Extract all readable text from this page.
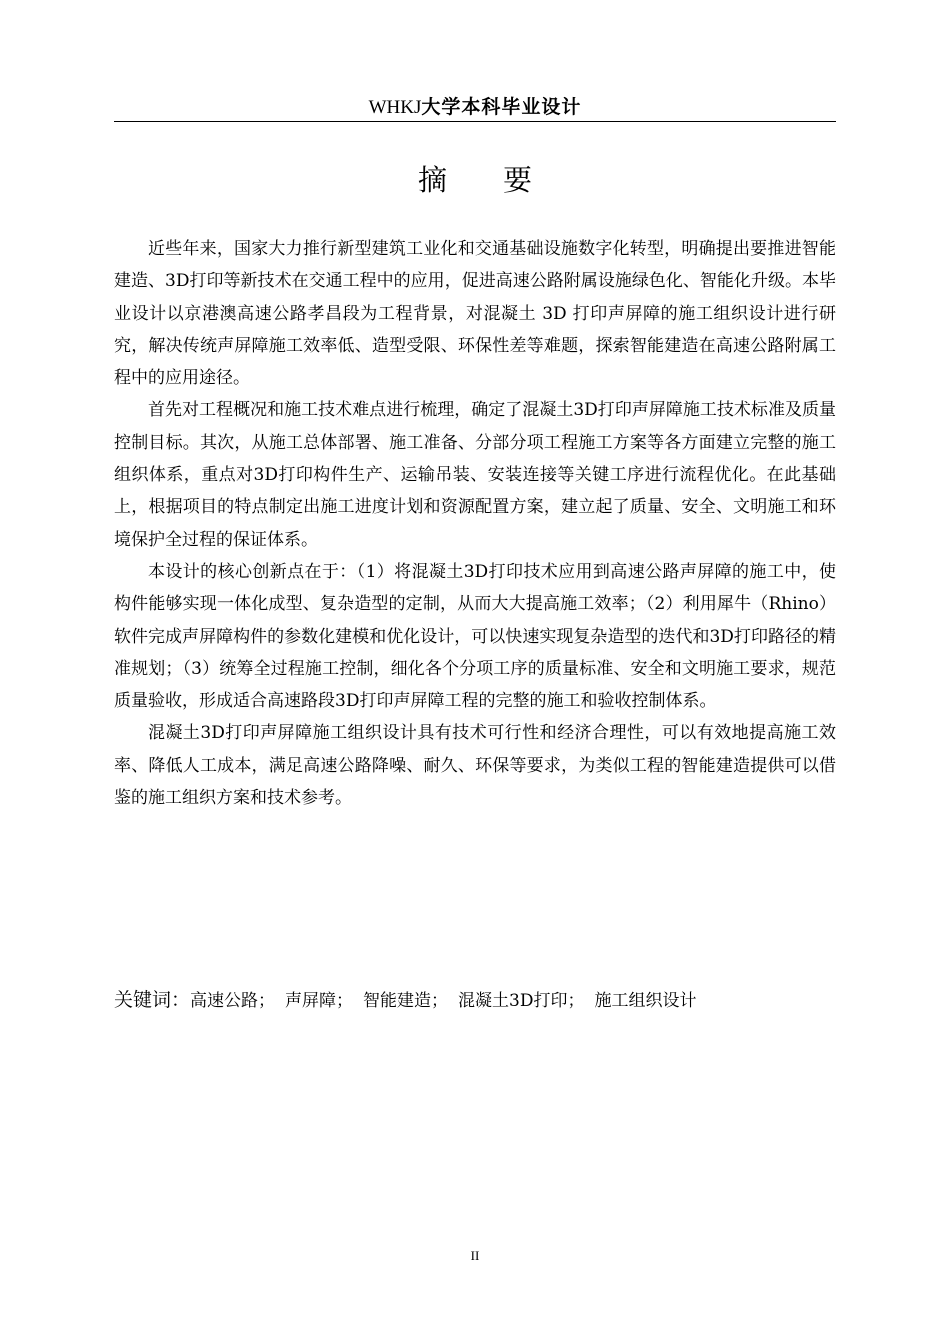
WHKJ大学本科毕业设计
摘 要

近些年来，国家大力推行新型建筑工业化和交通基础设施数字化转型，明确提出要推进智能建造、3D打印等新技术在交通工程中的应用，促进高速公路附属设施绿色化、智能化升级。本毕业设计以京港澳高速公路孝昌段为工程背景，对混凝土 3D 打印声屏障的施工组织设计进行研究，解决传统声屏障施工效率低、造型受限、环保性差等难题，探索智能建造在高速公路附属工程中的应用途径。

首先对工程概况和施工技术难点进行梳理，确定了混凝土3D打印声屏障施工技术标准及质量控制目标。其次，从施工总体部署、施工准备、分部分项工程施工方案等各方面建立完整的施工组织体系，重点对3D打印构件生产、运输吊装、安装连接等关键工序进行流程优化。在此基础上，根据项目的特点制定出施工进度计划和资源配置方案，建立起了质量、安全、文明施工和环境保护全过程的保证体系。

本设计的核心创新点在于：（1）将混凝土3D打印技术应用到高速公路声屏障的施工中，使构件能够实现一体化成型、复杂造型的定制，从而大大提高施工效率；（2）利用犀牛（Rhino）软件完成声屏障构件的参数化建模和优化设计，可以快速实现复杂造型的迭代和3D打印路径的精准规划；（3）统筹全过程施工控制，细化各个分项工序的质量标准、安全和文明施工要求，规范质量验收，形成适合高速路段3D打印声屏障工程的完整的施工和验收控制体系。

混凝土3D打印声屏障施工组织设计具有技术可行性和经济合理性，可以有效地提高施工效率、降低人工成本，满足高速公路降噪、耐久、环保等要求，为类似工程的智能建造提供可以借鉴的施工组织方案和技术参考。

关键词：高速公路； 声屏障； 智能建造； 混凝土3D打印； 施工组织设计
II
